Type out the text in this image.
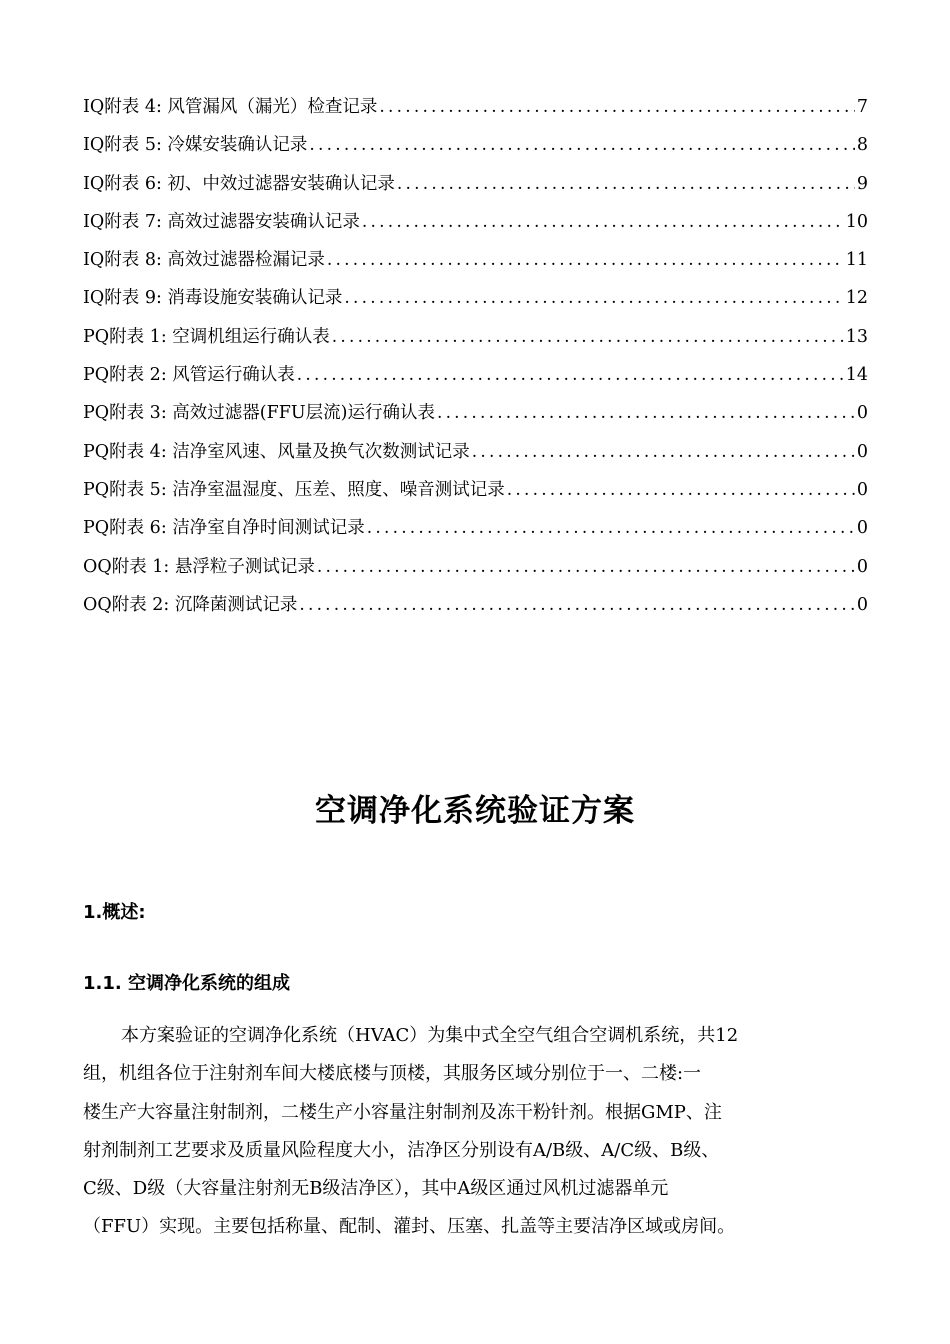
IQ附表 4: 风管漏风（漏光）检查记录 .....	7
IQ附表 5: 冷媒安装确认记录 .....	8
IQ附表 6: 初、中效过滤器安装确认记录 .....	9
IQ附表 7: 高效过滤器安装确认记录 .....	10
IQ附表 8: 高效过滤器检漏记录 .....	11
IQ附表 9: 消毒设施安装确认记录 .....	12
PQ附表 1: 空调机组运行确认表 .....	13
PQ附表 2: 风管运行确认表 .....	14
PQ附表 3: 高效过滤器(FFU层流)运行确认表 .....	0
PQ附表 4: 洁净室风速、风量及换气次数测试记录 .....	0
PQ附表 5: 洁净室温湿度、压差、照度、噪音测试记录 .....	0
PQ附表 6: 洁净室自净时间测试记录 .....	0
OQ附表 1: 悬浮粒子测试记录 .....	0
OQ附表 2: 沉降菌测试记录 .....	0
空调净化系统验证方案
1.概述:
1.1. 空调净化系统的组成
本方案验证的空调净化系统（HVAC）为集中式全空气组合空调机系统，共12
组，机组各位于注射剂车间大楼底楼与顶楼，其服务区域分别位于一、二楼:一
楼生产大容量注射制剂，二楼生产小容量注射制剂及冻干粉针剂。根据GMP、注
射剂制剂工艺要求及质量风险程度大小，洁净区分别设有A/B级、A/C级、B级、
C级、D级（大容量注射剂无B级洁净区），其中A级区通过风机过滤器单元
（FFU）实现。主要包括称量、配制、灌封、压塞、扎盖等主要洁净区域或房间。
